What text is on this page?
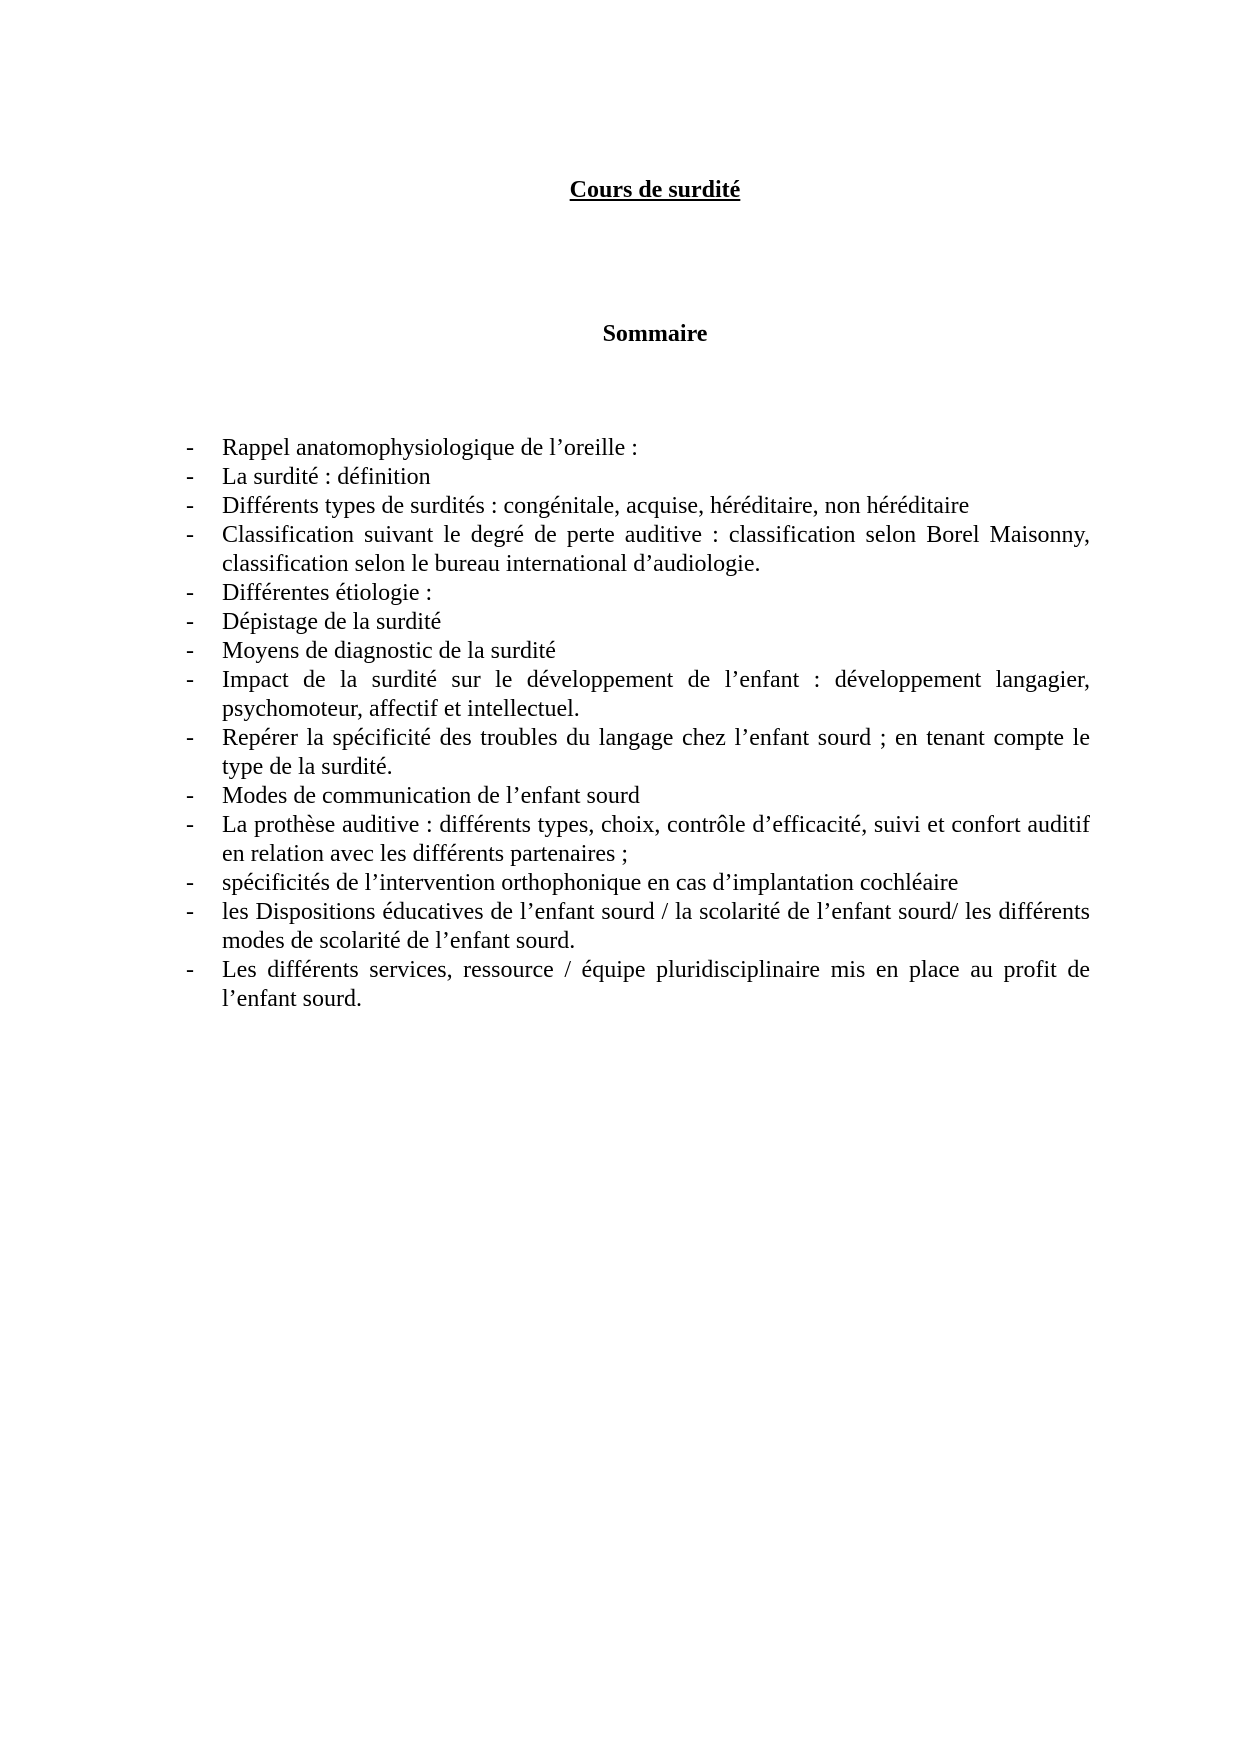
Cours de surdité
Sommaire
- Rappel anatomophysiologique de l’oreille :
- La surdité : définition
- Différents types de surdités : congénitale, acquise, héréditaire, non héréditaire
- Classification suivant le degré de perte auditive : classification selon Borel Maisonny, classification selon le bureau international d’audiologie.
- Différentes étiologie :
- Dépistage de la surdité
- Moyens de diagnostic de la surdité
- Impact de la surdité sur le développement de l’enfant : développement langagier, psychomoteur, affectif et intellectuel.
- Repérer la spécificité des troubles du langage chez l’enfant sourd ; en tenant compte le type de la surdité.
- Modes de communication de l’enfant sourd
- La prothèse auditive : différents types, choix, contrôle d’efficacité, suivi et confort auditif en relation avec les différents partenaires ;
- spécificités de l’intervention orthophonique en cas d’implantation cochléaire
- les Dispositions éducatives de l’enfant sourd / la scolarité de l’enfant sourd/ les différents modes de scolarité de l’enfant sourd.
- Les différents services, ressource / équipe pluridisciplinaire mis en place au profit de l’enfant sourd.
